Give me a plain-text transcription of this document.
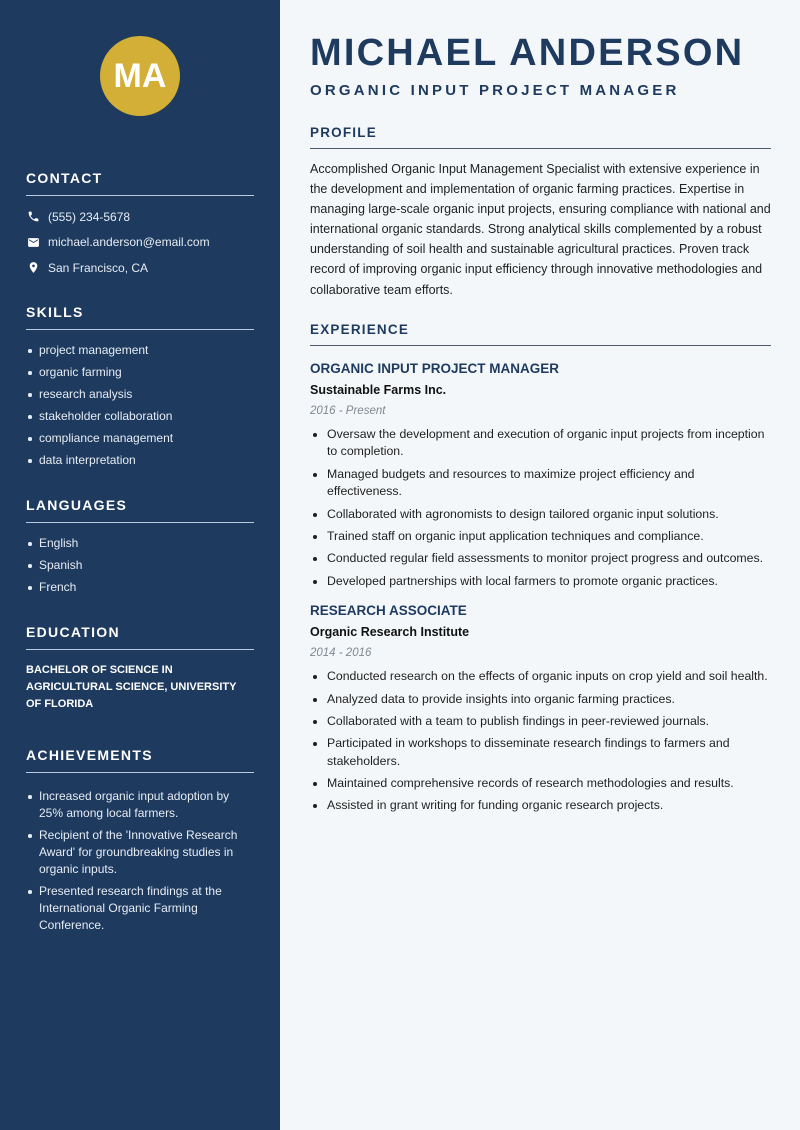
MA
CONTACT
(555) 234-5678
michael.anderson@email.com
San Francisco, CA
SKILLS
project management
organic farming
research analysis
stakeholder collaboration
compliance management
data interpretation
LANGUAGES
English
Spanish
French
EDUCATION
BACHELOR OF SCIENCE IN AGRICULTURAL SCIENCE, UNIVERSITY OF FLORIDA
ACHIEVEMENTS
Increased organic input adoption by 25% among local farmers.
Recipient of the 'Innovative Research Award' for groundbreaking studies in organic inputs.
Presented research findings at the International Organic Farming Conference.
MICHAEL ANDERSON
ORGANIC INPUT PROJECT MANAGER
PROFILE

Accomplished Organic Input Management Specialist with extensive experience in the development and implementation of organic farming practices. Expertise in managing large-scale organic input projects, ensuring compliance with national and international organic standards. Strong analytical skills complemented by a robust understanding of soil health and sustainable agricultural practices. Proven track record of improving organic input efficiency through innovative methodologies and collaborative team efforts.

EXPERIENCE
ORGANIC INPUT PROJECT MANAGER
Sustainable Farms Inc.
2016 - Present
Oversaw the development and execution of organic input projects from inception to completion.
Managed budgets and resources to maximize project efficiency and effectiveness.
Collaborated with agronomists to design tailored organic input solutions.
Trained staff on organic input application techniques and compliance.
Conducted regular field assessments to monitor project progress and outcomes.
Developed partnerships with local farmers to promote organic practices.
RESEARCH ASSOCIATE
Organic Research Institute
2014 - 2016
Conducted research on the effects of organic inputs on crop yield and soil health.
Analyzed data to provide insights into organic farming practices.
Collaborated with a team to publish findings in peer-reviewed journals.
Participated in workshops to disseminate research findings to farmers and stakeholders.
Maintained comprehensive records of research methodologies and results.
Assisted in grant writing for funding organic research projects.
